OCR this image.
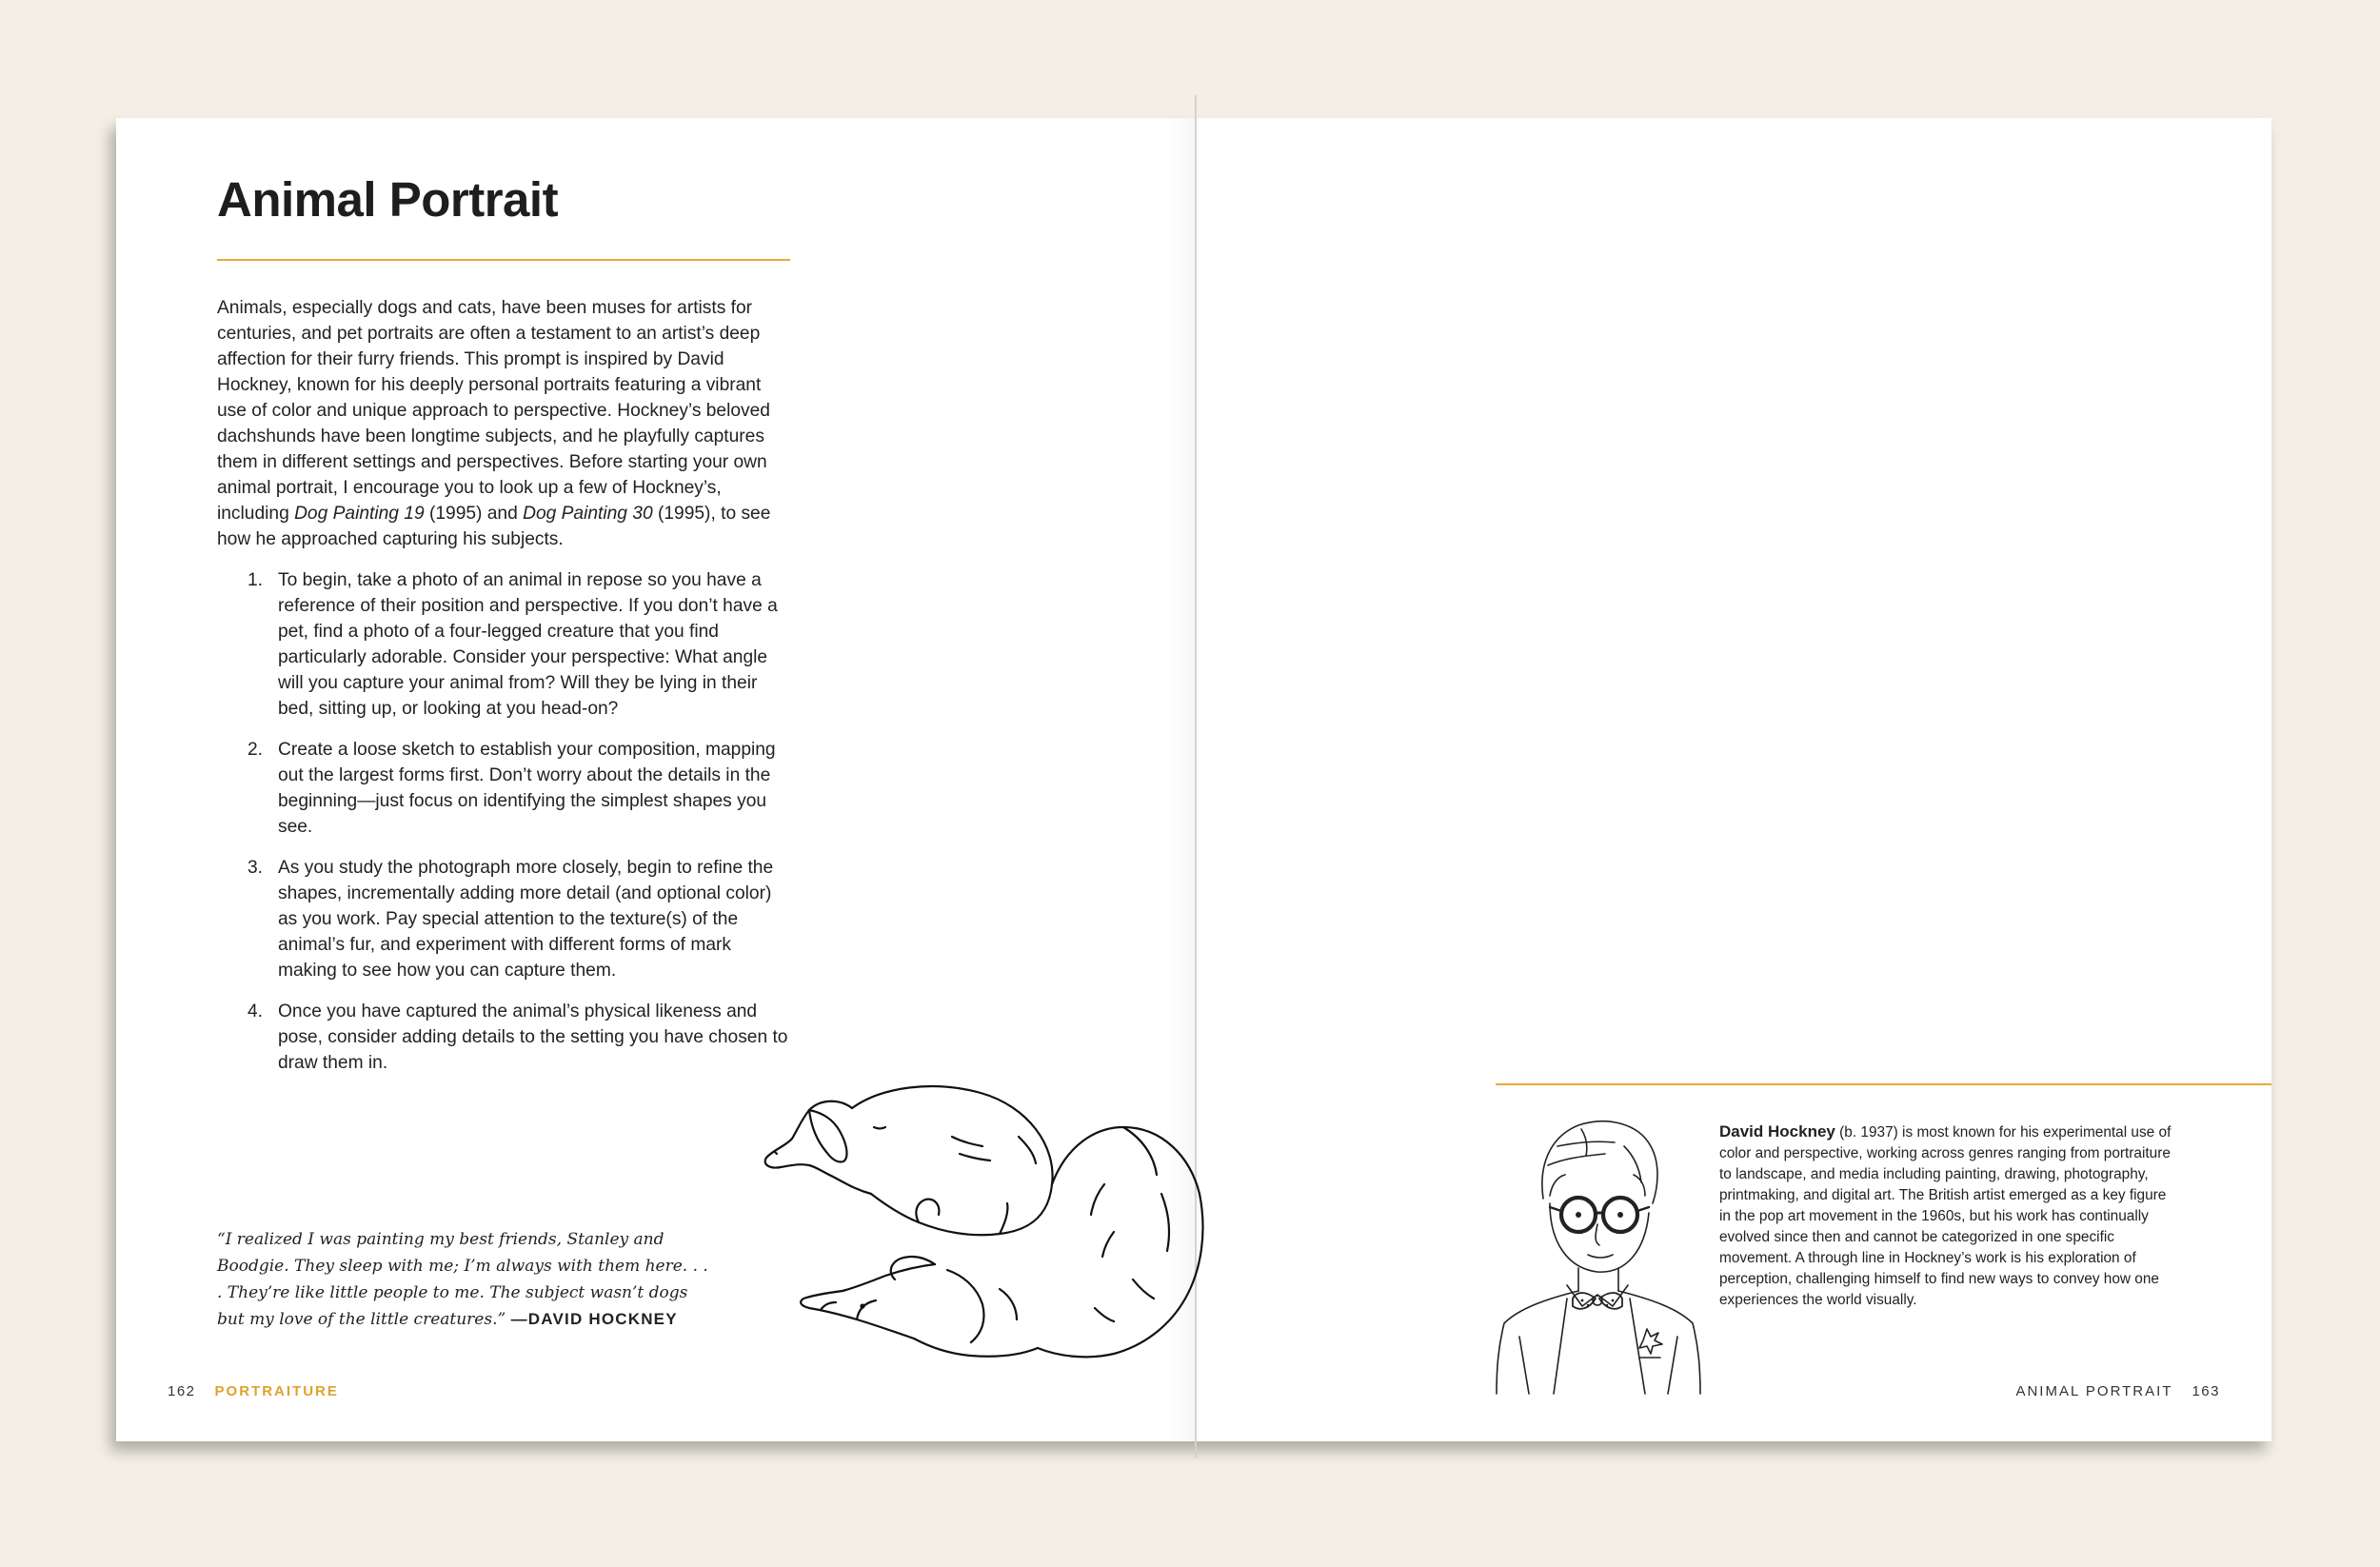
Animal Portrait

Animals, especially dogs and cats, have been muses for artists for centuries, and pet portraits are often a testament to an artist’s deep affection for their furry friends. This prompt is inspired by David Hockney, known for his deeply personal portraits featuring a vibrant use of color and unique approach to perspective. Hockney’s beloved dachshunds have been longtime subjects, and he playfully captures them in different settings and perspectives. Before starting your own animal portrait, I encourage you to look up a few of Hockney’s, including Dog Painting 19 (1995) and Dog Painting 30 (1995), to see how he approached capturing his subjects.

1. To begin, take a photo of an animal in repose so you have a reference of their position and perspective. If you don’t have a pet, find a photo of a four-legged creature that you find particularly adorable. Consider your perspective: What angle will you capture your animal from? Will they be lying in their bed, sitting up, or looking at you head-on?
2. Create a loose sketch to establish your composition, mapping out the largest forms first. Don’t worry about the details in the beginning—just focus on identifying the simplest shapes you see.
3. As you study the photograph more closely, begin to refine the shapes, incrementally adding more detail (and optional color) as you work. Pay special attention to the texture(s) of the animal’s fur, and experiment with different forms of mark making to see how you can capture them.
4. Once you have captured the animal’s physical likeness and pose, consider adding details to the setting you have chosen to draw them in.

“I realized I was painting my best friends, Stanley and Boodgie. They sleep with me; I’m always with them here. . . . They’re like little people to me. The subject wasn’t dogs but my love of the little creatures.” —DAVID HOCKNEY

162 PORTRAITURE

David Hockney (b. 1937) is most known for his experimental use of color and perspective, working across genres ranging from portraiture to landscape, and media including painting, drawing, photography, printmaking, and digital art. The British artist emerged as a key figure in the pop art movement in the 1960s, but his work has continually evolved since then and cannot be categorized in one specific movement. A through line in Hockney’s work is his exploration of perception, challenging himself to find new ways to convey how one experiences the world visually.

ANIMAL PORTRAIT 163
